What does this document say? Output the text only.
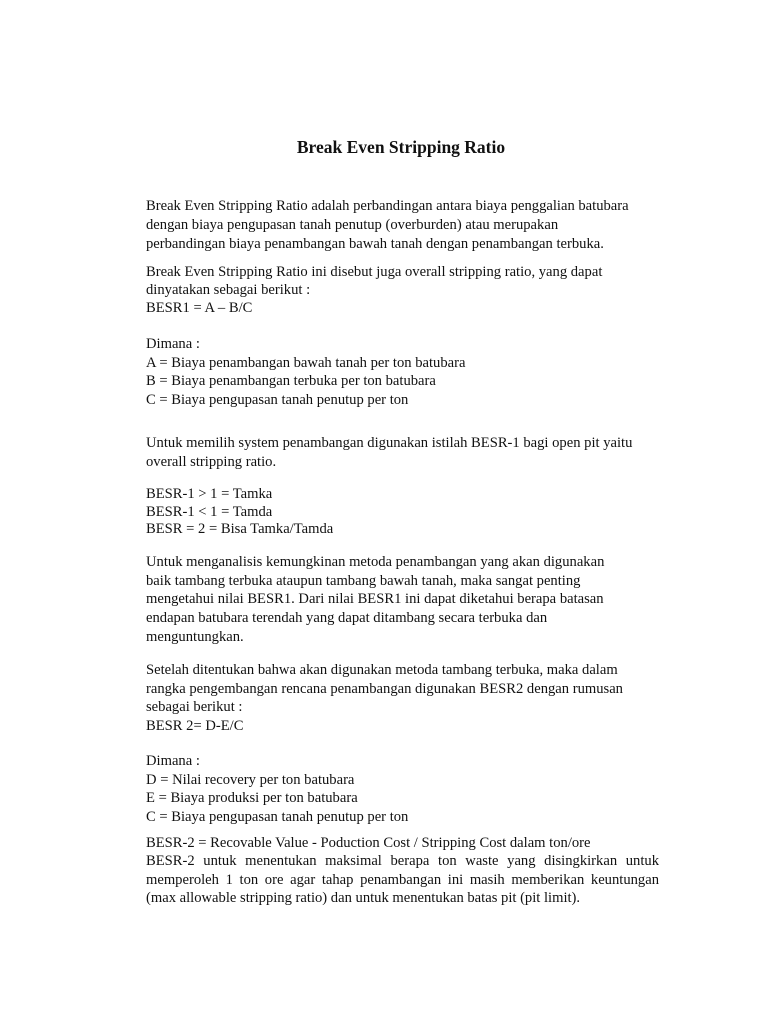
Break Even Stripping Ratio

Break Even Stripping Ratio adalah perbandingan antara biaya penggalian batubara
dengan biaya pengupasan tanah penutup (overburden) atau merupakan
perbandingan biaya penambangan bawah tanah dengan penambangan terbuka.

Break Even Stripping Ratio ini disebut juga overall stripping ratio, yang dapat
dinyatakan sebagai berikut :
BESR1 = A – B/C

Dimana :
A = Biaya penambangan bawah tanah per ton batubara
B = Biaya penambangan terbuka per ton batubara
C = Biaya pengupasan tanah penutup per ton

Untuk memilih system penambangan digunakan istilah BESR-1 bagi open pit yaitu
overall stripping ratio.

BESR-1 > 1 = Tamka
BESR-1 < 1 = Tamda
BESR = 2 = Bisa Tamka/Tamda

Untuk menganalisis kemungkinan metoda penambangan yang akan digunakan
baik tambang terbuka ataupun tambang bawah tanah, maka sangat penting
mengetahui nilai BESR1. Dari nilai BESR1 ini dapat diketahui berapa batasan
endapan batubara terendah yang dapat ditambang secara terbuka dan
menguntungkan.

Setelah ditentukan bahwa akan digunakan metoda tambang terbuka, maka dalam
rangka pengembangan rencana penambangan digunakan BESR2 dengan rumusan
sebagai berikut :
BESR 2= D-E/C

Dimana :
D = Nilai recovery per ton batubara
E = Biaya produksi per ton batubara
C = Biaya pengupasan tanah penutup per ton

BESR-2 = Recovable Value - Poduction Cost / Stripping Cost dalam ton/ore
BESR-2 untuk menentukan maksimal berapa ton waste yang disingkirkan untuk
memperoleh 1 ton ore agar tahap penambangan ini masih memberikan keuntungan
(max allowable stripping ratio) dan untuk menentukan batas pit (pit limit).
